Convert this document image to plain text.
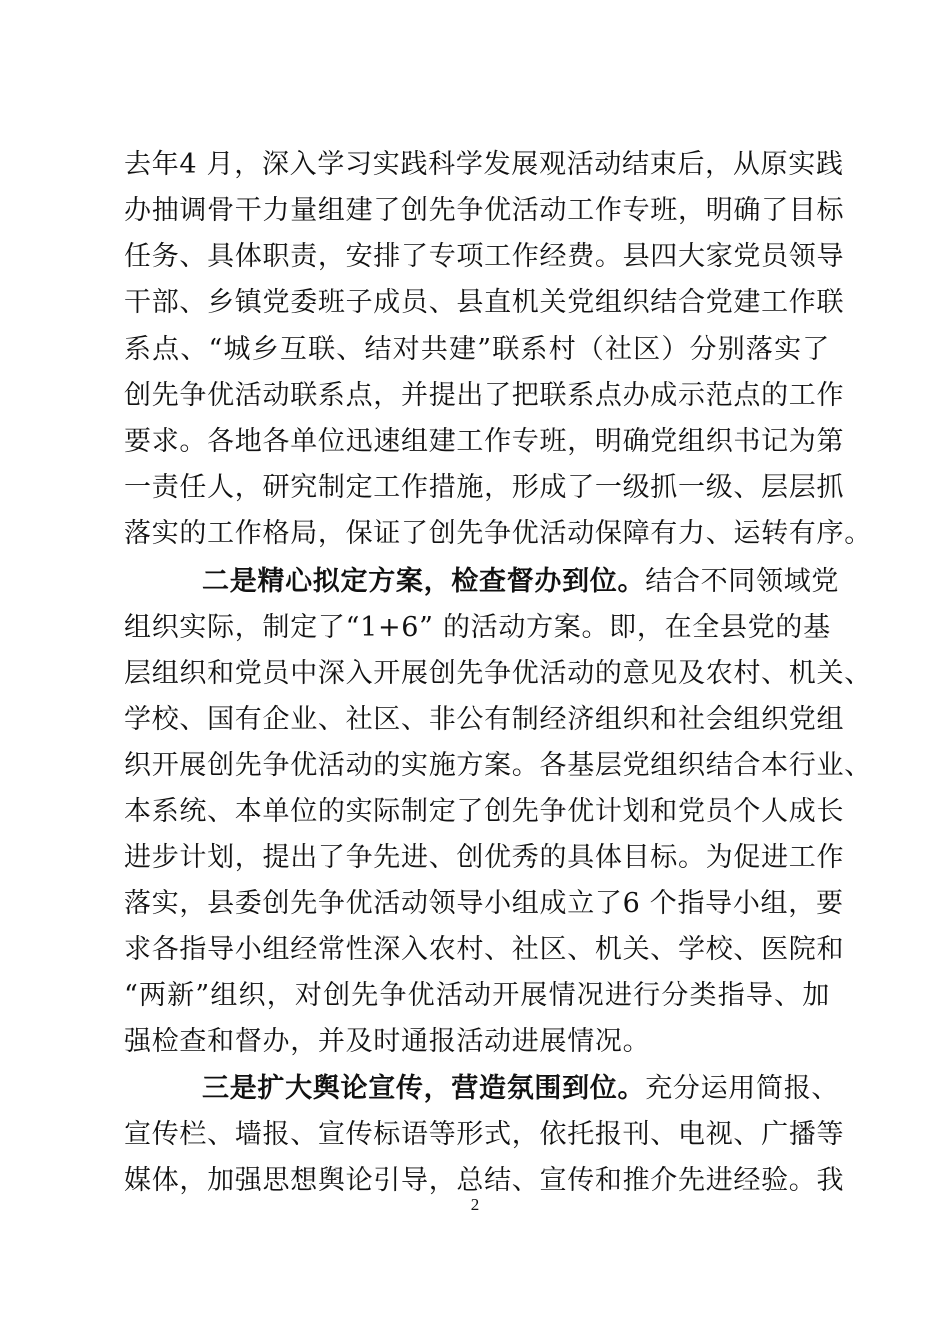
去年4 月，深入学习实践科学发展观活动结束后，从原实践
办抽调骨干力量组建了创先争优活动工作专班，明确了目标
任务、具体职责，安排了专项工作经费。县四大家党员领导
干部、乡镇党委班子成员、县直机关党组织结合党建工作联
系点、“城乡互联、结对共建”联系村（社区）分别落实了
创先争优活动联系点，并提出了把联系点办成示范点的工作
要求。各地各单位迅速组建工作专班，明确党组织书记为第
一责任人，研究制定工作措施，形成了一级抓一级、层层抓
落实的工作格局，保证了创先争优活动保障有力、运转有序。
二是精心拟定方案，检查督办到位。结合不同领域党
组织实际，制定了“1+6” 的活动方案。即，在全县党的基
层组织和党员中深入开展创先争优活动的意见及农村、机关、
学校、国有企业、社区、非公有制经济组织和社会组织党组
织开展创先争优活动的实施方案。各基层党组织结合本行业、
本系统、本单位的实际制定了创先争优计划和党员个人成长
进步计划，提出了争先进、创优秀的具体目标。为促进工作
落实，县委创先争优活动领导小组成立了6 个指导小组，要
求各指导小组经常性深入农村、社区、机关、学校、医院和
“两新”组织，对创先争优活动开展情况进行分类指导、加
强检查和督办，并及时通报活动进展情况。
三是扩大舆论宣传，营造氛围到位。充分运用简报、
宣传栏、墙报、宣传标语等形式，依托报刊、电视、广播等
媒体，加强思想舆论引导，总结、宣传和推介先进经验。我
2
